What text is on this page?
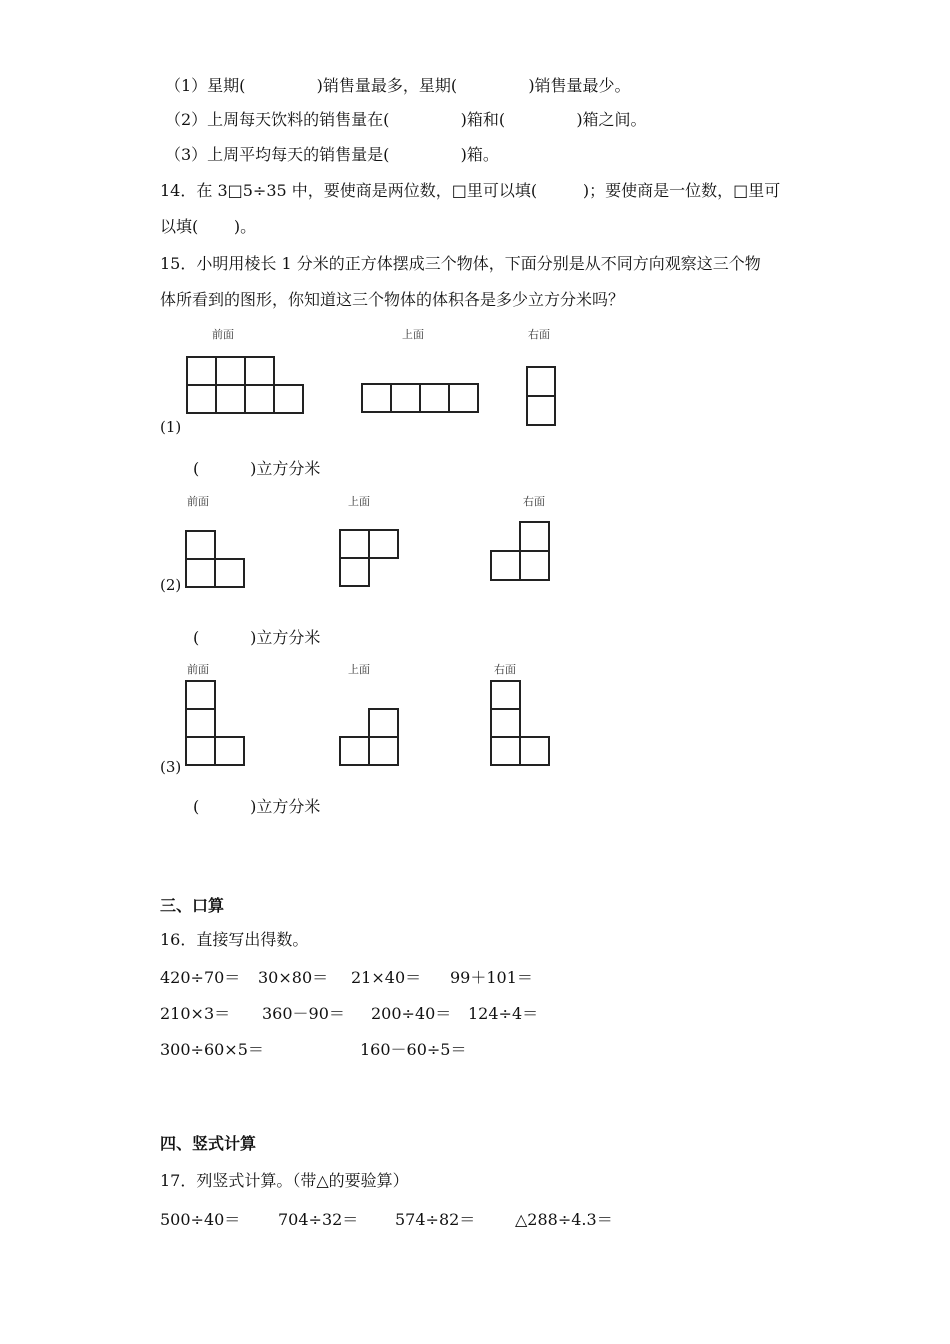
（1）星期(              )销售量最多，星期(              )销售量最少。
（2）上周每天饮料的销售量在(              )箱和(              )箱之间。
（3）上周平均每天的销售量是(              )箱。
14．在 3□5÷35 中，要使商是两位数，□里可以填(         )；要使商是一位数，□里可
以填(       )。
15．小明用棱长 1 分米的正方体摆成三个物体，下面分别是从不同方向观察这三个物
体所看到的图形，你知道这三个物体的体积各是多少立方分米吗？
前面	上面	右面
(1)
(          )立方分米
前面	上面	右面
(2)
(          )立方分米
前面	上面	右面
(3)
(          )立方分米
三、口算
16．直接写出得数。
420÷70＝ 30×80＝ 21×40＝ 99＋101＝
210×3＝ 360－90＝ 200÷40＝ 124÷4＝
300÷60×5＝	160－60÷5＝
四、竖式计算
17．列竖式计算。（带△的要验算）
500÷40＝ 704÷32＝ 574÷82＝ △288÷4.3＝
